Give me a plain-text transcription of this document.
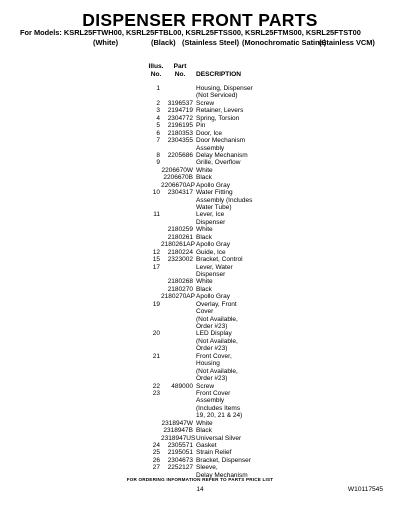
DISPENSER FRONT PARTS
For Models: KSRL25FTWH00, KSRL25FTBL00, KSRL25FTSS00, KSRL25FTMS00, KSRL25FTST00
(White)	(Black) (Stainless Steel) (Monochromatic Satina)
(Stainless VCM)
Illus.
No.
Part
No.	DESCRIPTION
1	Housing, Dispenser
(Not Serviced)
2	3196537 Screw
3	2194719 Retainer, Levers
4	2304772 Spring, Torsion
5	2196195 Pin
6	2180353 Door, Ice
7	2304355 Door Mechanism
Assembly
8	2205686 Delay Mechanism
9	Grille, Overflow
2206670W White
2206670B Black
2206670AP Apollo Gray
10	2304317 Water Fitting
Assembly (Includes
Water Tube)
11	Lever, Ice
Dispenser
2180259 White
2180261 Black
2180261AP Apollo Gray
12	2180224 Guide, Ice
15	2323002 Bracket, Control
17	Lever, Water
Dispenser
2180268 White
2180270 Black
2180270AP Apollo Gray
19	Overlay, Front
Cover
(Not Available,
Order #23)
20	LED Display
(Not Available,
Order #23)
21	Front Cover,
Housing
(Not Available,
Order #23)
22	489000 Screw
23	Front Cover
Assembly
(Includes Items
19, 20, 21 & 24)
2318947W White
2318947B Black
2318947US Universal Silver
24	2305571 Gasket
25	2195051 Strain Relief
26	2304673 Bracket, Dispenser
27	2252127 Sleeve,
Delay Mechanism
FOR ORDERING INFORMATION REFER TO PARTS PRICE LIST
14	W10117545
